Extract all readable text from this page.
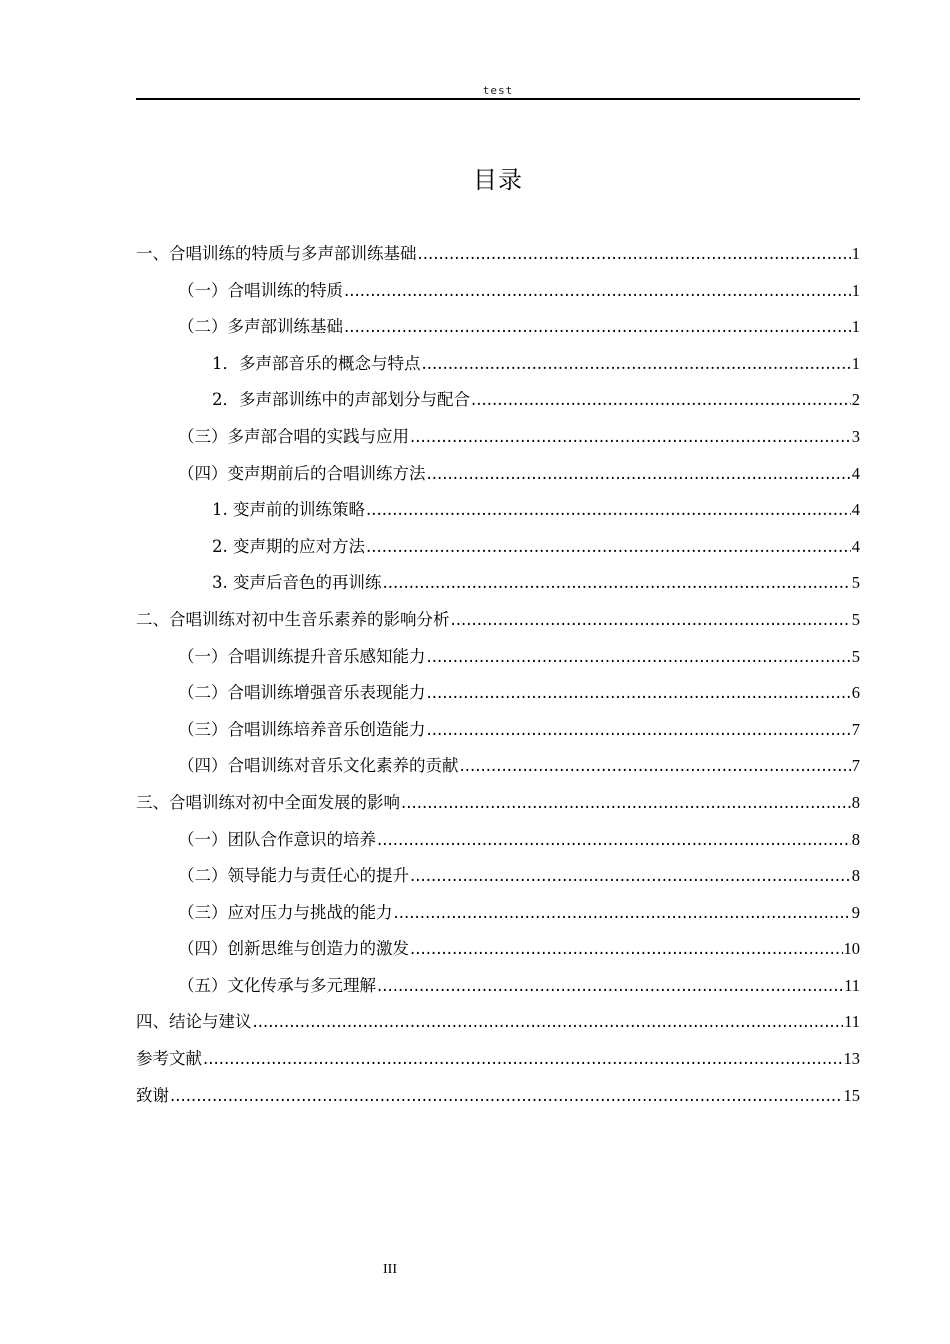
test
目录
一、合唱训练的特质与多声部训练基础 .....	1
（一）合唱训练的特质 .....	1
（二）多声部训练基础 .....	1
1．多声部音乐的概念与特点 .....	1
2．多声部训练中的声部划分与配合 .....	2
（三）多声部合唱的实践与应用 .....	3
（四）变声期前后的合唱训练方法 .....	4
1. 变声前的训练策略 .....	4
2. 变声期的应对方法 .....	4
3. 变声后音色的再训练 .....	5
二、合唱训练对初中生音乐素养的影响分析 .....	5
（一）合唱训练提升音乐感知能力 .....	5
（二）合唱训练增强音乐表现能力 .....	6
（三）合唱训练培养音乐创造能力 .....	7
（四）合唱训练对音乐文化素养的贡献 .....	7
三、合唱训练对初中全面发展的影响 .....	8
（一）团队合作意识的培养 .....	8
（二）领导能力与责任心的提升 .....	8
（三）应对压力与挑战的能力 .....	9
（四）创新思维与创造力的激发 .....	10
（五）文化传承与多元理解 .....	11
四、结论与建议 .....	11
参考文献 .....	13
致谢 .....	15
III
